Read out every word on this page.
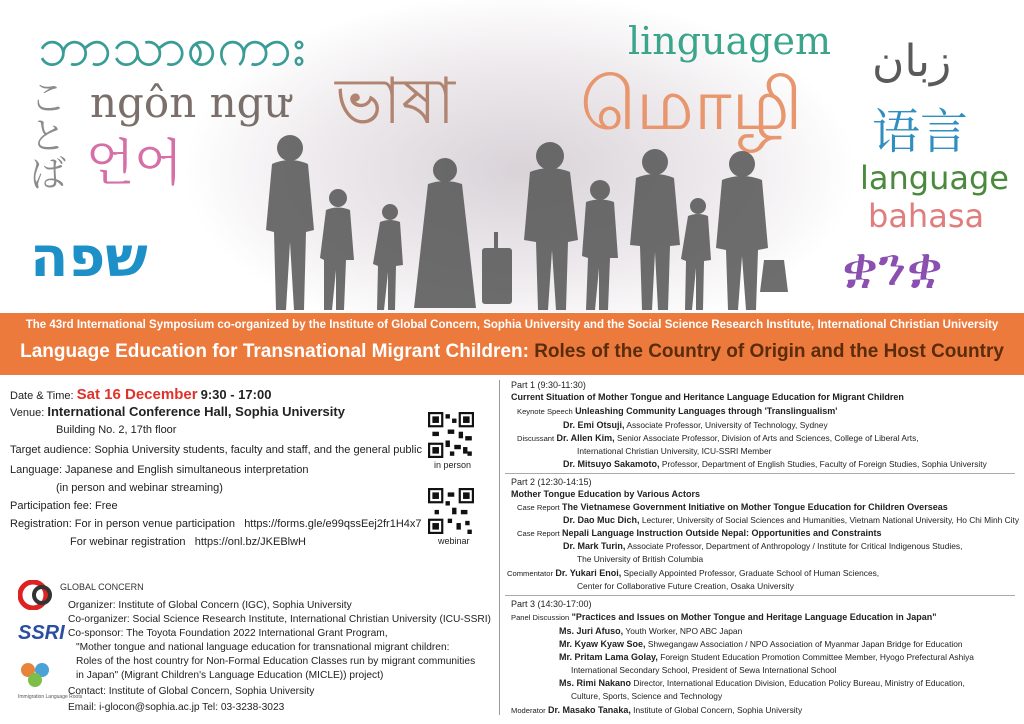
ဘာသာစကား
ことば
ngôn ngư
언어
שפה
ভাষা
linguagem
மொழி
زبان
语言
language
bahasa
ቋንቋ
The 43rd International Symposium co-organized by the Institute of Global Concern, Sophia University and the Social Science Research Institute, International Christian University
Language Education for Transnational Migrant Children: Roles of the Country of Origin and the Host Country
Date & Time: Sat 16 December 9:30 - 17:00
Venue: International Conference Hall, Sophia University
Building No. 2, 17th floor
Target audience: Sophia University students, faculty and staff, and the general public
Language: Japanese and English simultaneous interpretation
(in person and webinar streaming)
Participation fee: Free
Registration: For in person venue participation https://forms.gle/e99qssEej2fr1H4x7
For webinar registration https://onl.bz/JKEBlwH
in person
webinar
GLOBAL CONCERN
SSRI
Immigration Language Roots
Organizer: Institute of Global Concern (IGC), Sophia University
Co-organizer: Social Science Research Institute, International Christian University (ICU-SSRI)
Co-sponsor: The Toyota Foundation 2022 International Grant Program,
"Mother tongue and national language education for transnational migrant children:
Roles of the host country for Non-Formal Education Classes run by migrant communities
in Japan" (Migrant Children's Language Education (MICLE)) project)
Contact: Institute of Global Concern, Sophia University
Email: i-glocon@sophia.ac.jp Tel: 03-3238-3023
Part 1 (9:30-11:30)
Current Situation of Mother Tongue and Heritance Language Education for Migrant Children
Keynote Speech Unleashing Community Languages through 'Translingualism'
Dr. Emi Otsuji, Associate Professor, University of Technology, Sydney
Discussant Dr. Allen Kim, Senior Associate Professor, Division of Arts and Sciences, College of Liberal Arts,
International Christian University, ICU-SSRI Member
Dr. Mitsuyo Sakamoto, Professor, Department of English Studies, Faculty of Foreign Studies, Sophia University
Part 2 (12:30-14:15)
Mother Tongue Education by Various Actors
Case Report The Vietnamese Government Initiative on Mother Tongue Education for Children Overseas
Dr. Dao Muc Dich, Lecturer, University of Social Sciences and Humanities, Vietnam National University, Ho Chi Minh City
Case Report Nepali Language Instruction Outside Nepal: Opportunities and Constraints
Dr. Mark Turin, Associate Professor, Department of Anthropology / Institute for Critical Indigenous Studies,
The University of British Columbia
Commentator Dr. Yukari Enoi, Specially Appointed Professor, Graduate School of Human Sciences,
Center for Collaborative Future Creation, Osaka University
Part 3 (14:30-17:00)
Panel Discussion "Practices and Issues on Mother Tongue and Heritage Language Education in Japan"
Ms. Juri Afuso, Youth Worker, NPO ABC Japan
Mr. Kyaw Kyaw Soe, Shwegangaw Association / NPO Association of Myanmar Japan Bridge for Education
Mr. Pritam Lama Golay, Foreign Student Education Promotion Committee Member, Hyogo Prefectural Ashiya
International Secondary School, President of Sewa International School
Ms. Rimi Nakano Director, International Education Division, Education Policy Bureau, Ministry of Education,
Culture, Sports, Science and Technology
Moderator Dr. Masako Tanaka, Institute of Global Concern, Sophia University
